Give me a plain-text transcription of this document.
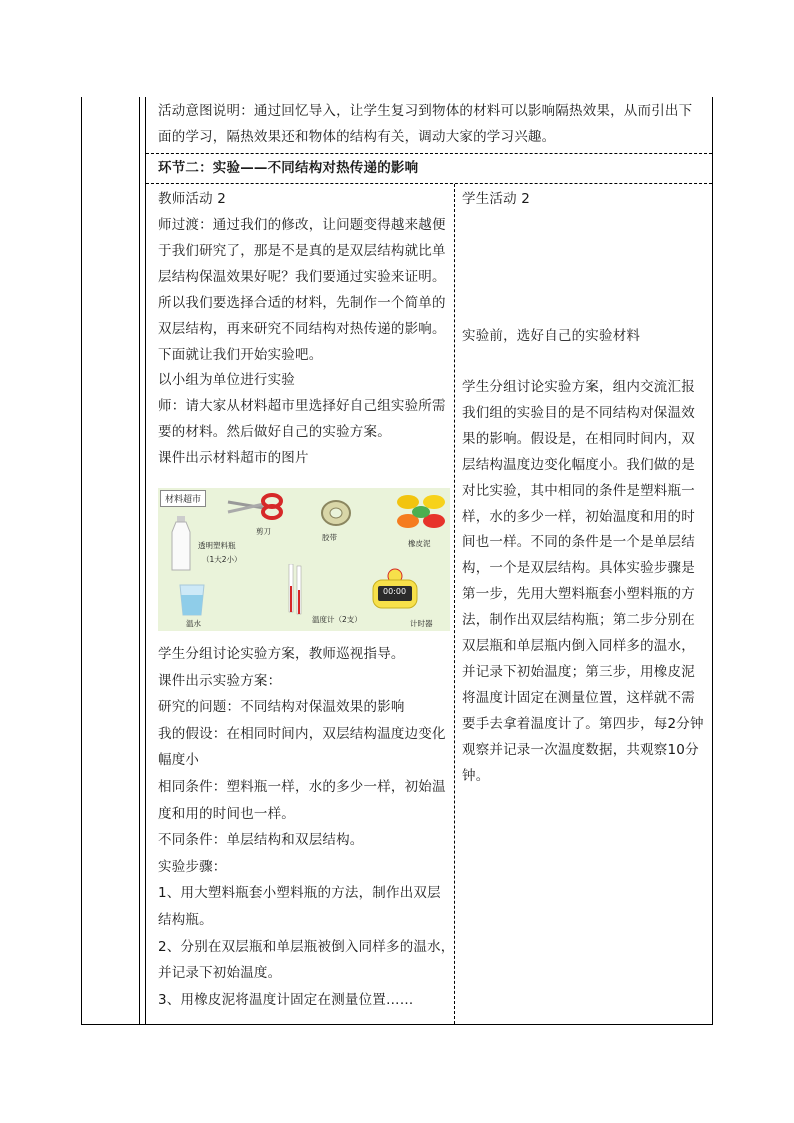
活动意图说明：通过回忆导入，让学生复习到物体的材料可以影响隔热效果，从而引出下
面的学习，隔热效果还和物体的结构有关，调动大家的学习兴趣。
环节二：实验——不同结构对热传递的影响
教师活动 2
师过渡：通过我们的修改，让问题变得越来越便
于我们研究了，那是不是真的是双层结构就比单
层结构保温效果好呢？我们要通过实验来证明。
所以我们要选择合适的材料，先制作一个简单的
双层结构，再来研究不同结构对热传递的影响。
下面就让我们开始实验吧。
以小组为单位进行实验
师：请大家从材料超市里选择好自己组实验所需
要的材料。然后做好自己的实验方案。
课件出示材料超市的图片
材料超市
剪刀
胶带
橡皮泥
透明塑料瓶
（1大2小）
温水	温度计（2支）
00:00
计时器
学生分组讨论实验方案，教师巡视指导。
课件出示实验方案：
研究的问题：不同结构对保温效果的影响
我的假设：在相同时间内，双层结构温度边变化
幅度小
相同条件：塑料瓶一样，水的多少一样，初始温
度和用的时间也一样。
不同条件：单层结构和双层结构。
实验步骤：
1、用大塑料瓶套小塑料瓶的方法，制作出双层
结构瓶。
2、分别在双层瓶和单层瓶被倒入同样多的温水，
并记录下初始温度。
3、用橡皮泥将温度计固定在测量位置……
学生活动 2
实验前，选好自己的实验材料
学生分组讨论实验方案，组内交流汇报
我们组的实验目的是不同结构对保温效
果的影响。假设是，在相同时间内，双
层结构温度边变化幅度小。我们做的是
对比实验，其中相同的条件是塑料瓶一
样，水的多少一样，初始温度和用的时
间也一样。不同的条件是一个是单层结
构，一个是双层结构。具体实验步骤是
第一步，先用大塑料瓶套小塑料瓶的方
法，制作出双层结构瓶；第二步分别在
双层瓶和单层瓶内倒入同样多的温水，
并记录下初始温度；第三步，用橡皮泥
将温度计固定在测量位置，这样就不需
要手去拿着温度计了。第四步，每2分钟
观察并记录一次温度数据，共观察10分
钟。
